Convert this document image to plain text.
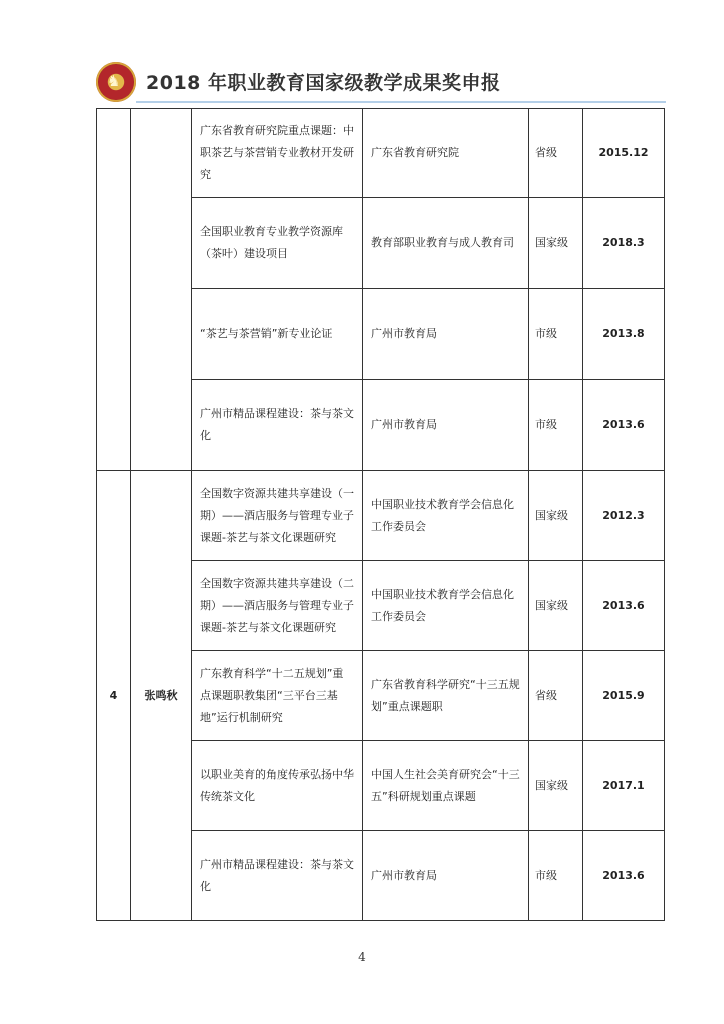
♞ 2018 年职业教育国家级教学成果奖申报
		广东省教育研究院重点课题：中职茶艺与茶营销专业教材开发研究	广东省教育研究院	省级	2015.12
		全国职业教育专业教学资源库（茶叶）建设项目	教育部职业教育与成人教育司	国家级	2018.3
		“茶艺与茶营销”新专业论证	广州市教育局	市级	2013.8
		广州市精品课程建设：茶与茶文化	广州市教育局	市级	2013.6
4	张鸣秋	全国数字资源共建共享建设（一期）——酒店服务与管理专业子课题-茶艺与茶文化课题研究	中国职业技术教育学会信息化工作委员会	国家级	2012.3
		全国数字资源共建共享建设（二期）——酒店服务与管理专业子课题-茶艺与茶文化课题研究	中国职业技术教育学会信息化工作委员会	国家级	2013.6
		广东教育科学“十二五规划”重点课题职教集团“三平台三基地”运行机制研究	广东省教育科学研究“十三五规划”重点课题职	省级	2015.9
		以职业美育的角度传承弘扬中华传统茶文化	中国人生社会美育研究会“十三五”科研规划重点课题	国家级	2017.1
		广州市精品课程建设：茶与茶文化	广州市教育局	市级	2013.6
4
